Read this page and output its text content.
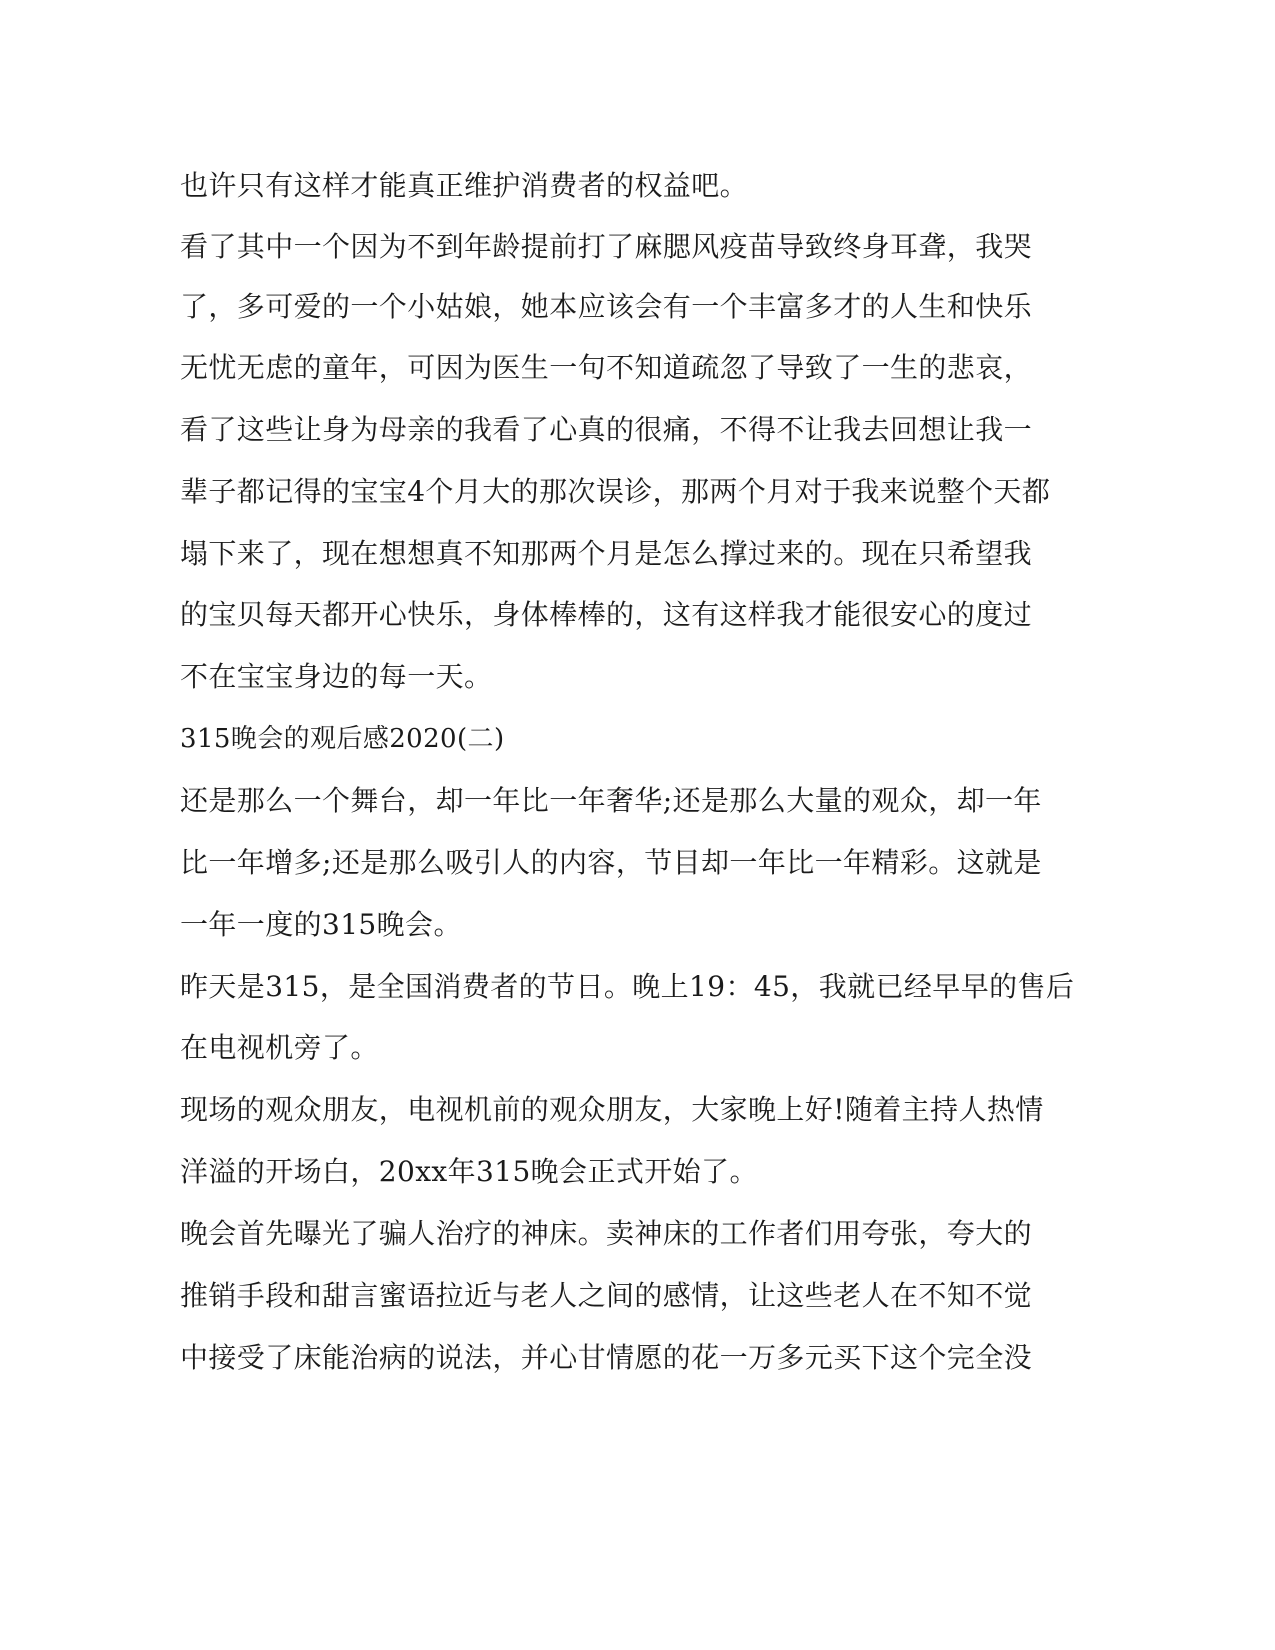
也许只有这样才能真正维护消费者的权益吧。
看了其中一个因为不到年龄提前打了麻腮风疫苗导致终身耳聋，我哭
了，多可爱的一个小姑娘，她本应该会有一个丰富多才的人生和快乐
无忧无虑的童年，可因为医生一句不知道疏忽了导致了一生的悲哀，
看了这些让身为母亲的我看了心真的很痛，不得不让我去回想让我一
辈子都记得的宝宝4个月大的那次误诊，那两个月对于我来说整个天都
塌下来了，现在想想真不知那两个月是怎么撑过来的。现在只希望我
的宝贝每天都开心快乐，身体棒棒的，这有这样我才能很安心的度过
不在宝宝身边的每一天。
315晚会的观后感2020(二)
还是那么一个舞台，却一年比一年奢华;还是那么大量的观众，却一年
比一年增多;还是那么吸引人的内容，节目却一年比一年精彩。这就是
一年一度的315晚会。
昨天是315，是全国消费者的节日。晚上19：45，我就已经早早的售后
在电视机旁了。
现场的观众朋友，电视机前的观众朋友，大家晚上好!随着主持人热情
洋溢的开场白，20xx年315晚会正式开始了。
晚会首先曝光了骗人治疗的神床。卖神床的工作者们用夸张，夸大的
推销手段和甜言蜜语拉近与老人之间的感情，让这些老人在不知不觉
中接受了床能治病的说法，并心甘情愿的花一万多元买下这个完全没
